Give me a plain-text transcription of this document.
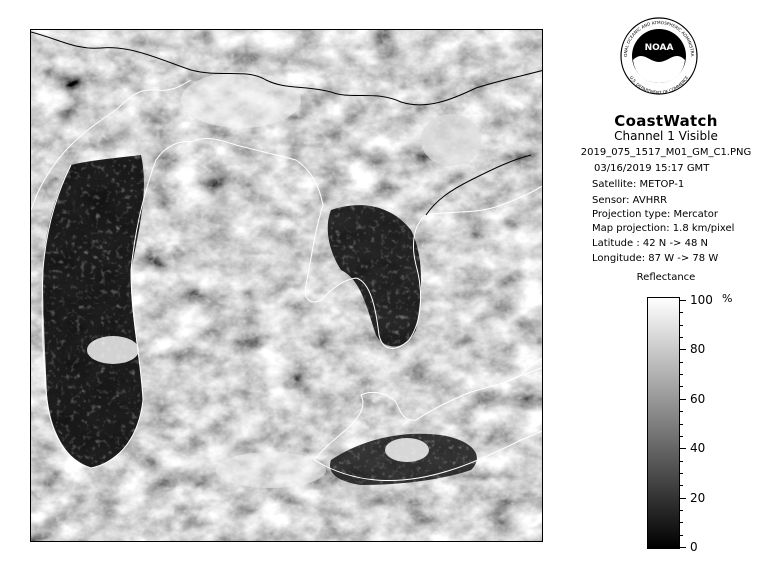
NOAA
ONAL OCEANIC AND ATMOSPHERIC ADMINISTRA
U.S. DEPARTMENT OF COMMERCE
CoastWatch
Channel 1 Visible
2019_075_1517_M01_GM_C1.PNG
03/16/2019 15:17 GMT
Satellite: METOP-1
Sensor: AVHRR
Projection type: Mercator
Map projection: 1.8 km/pixel
Latitude : 42 N -> 48 N
Longitude: 87 W -> 78 W
Reflectance
%
100
80
60
40
20
0
